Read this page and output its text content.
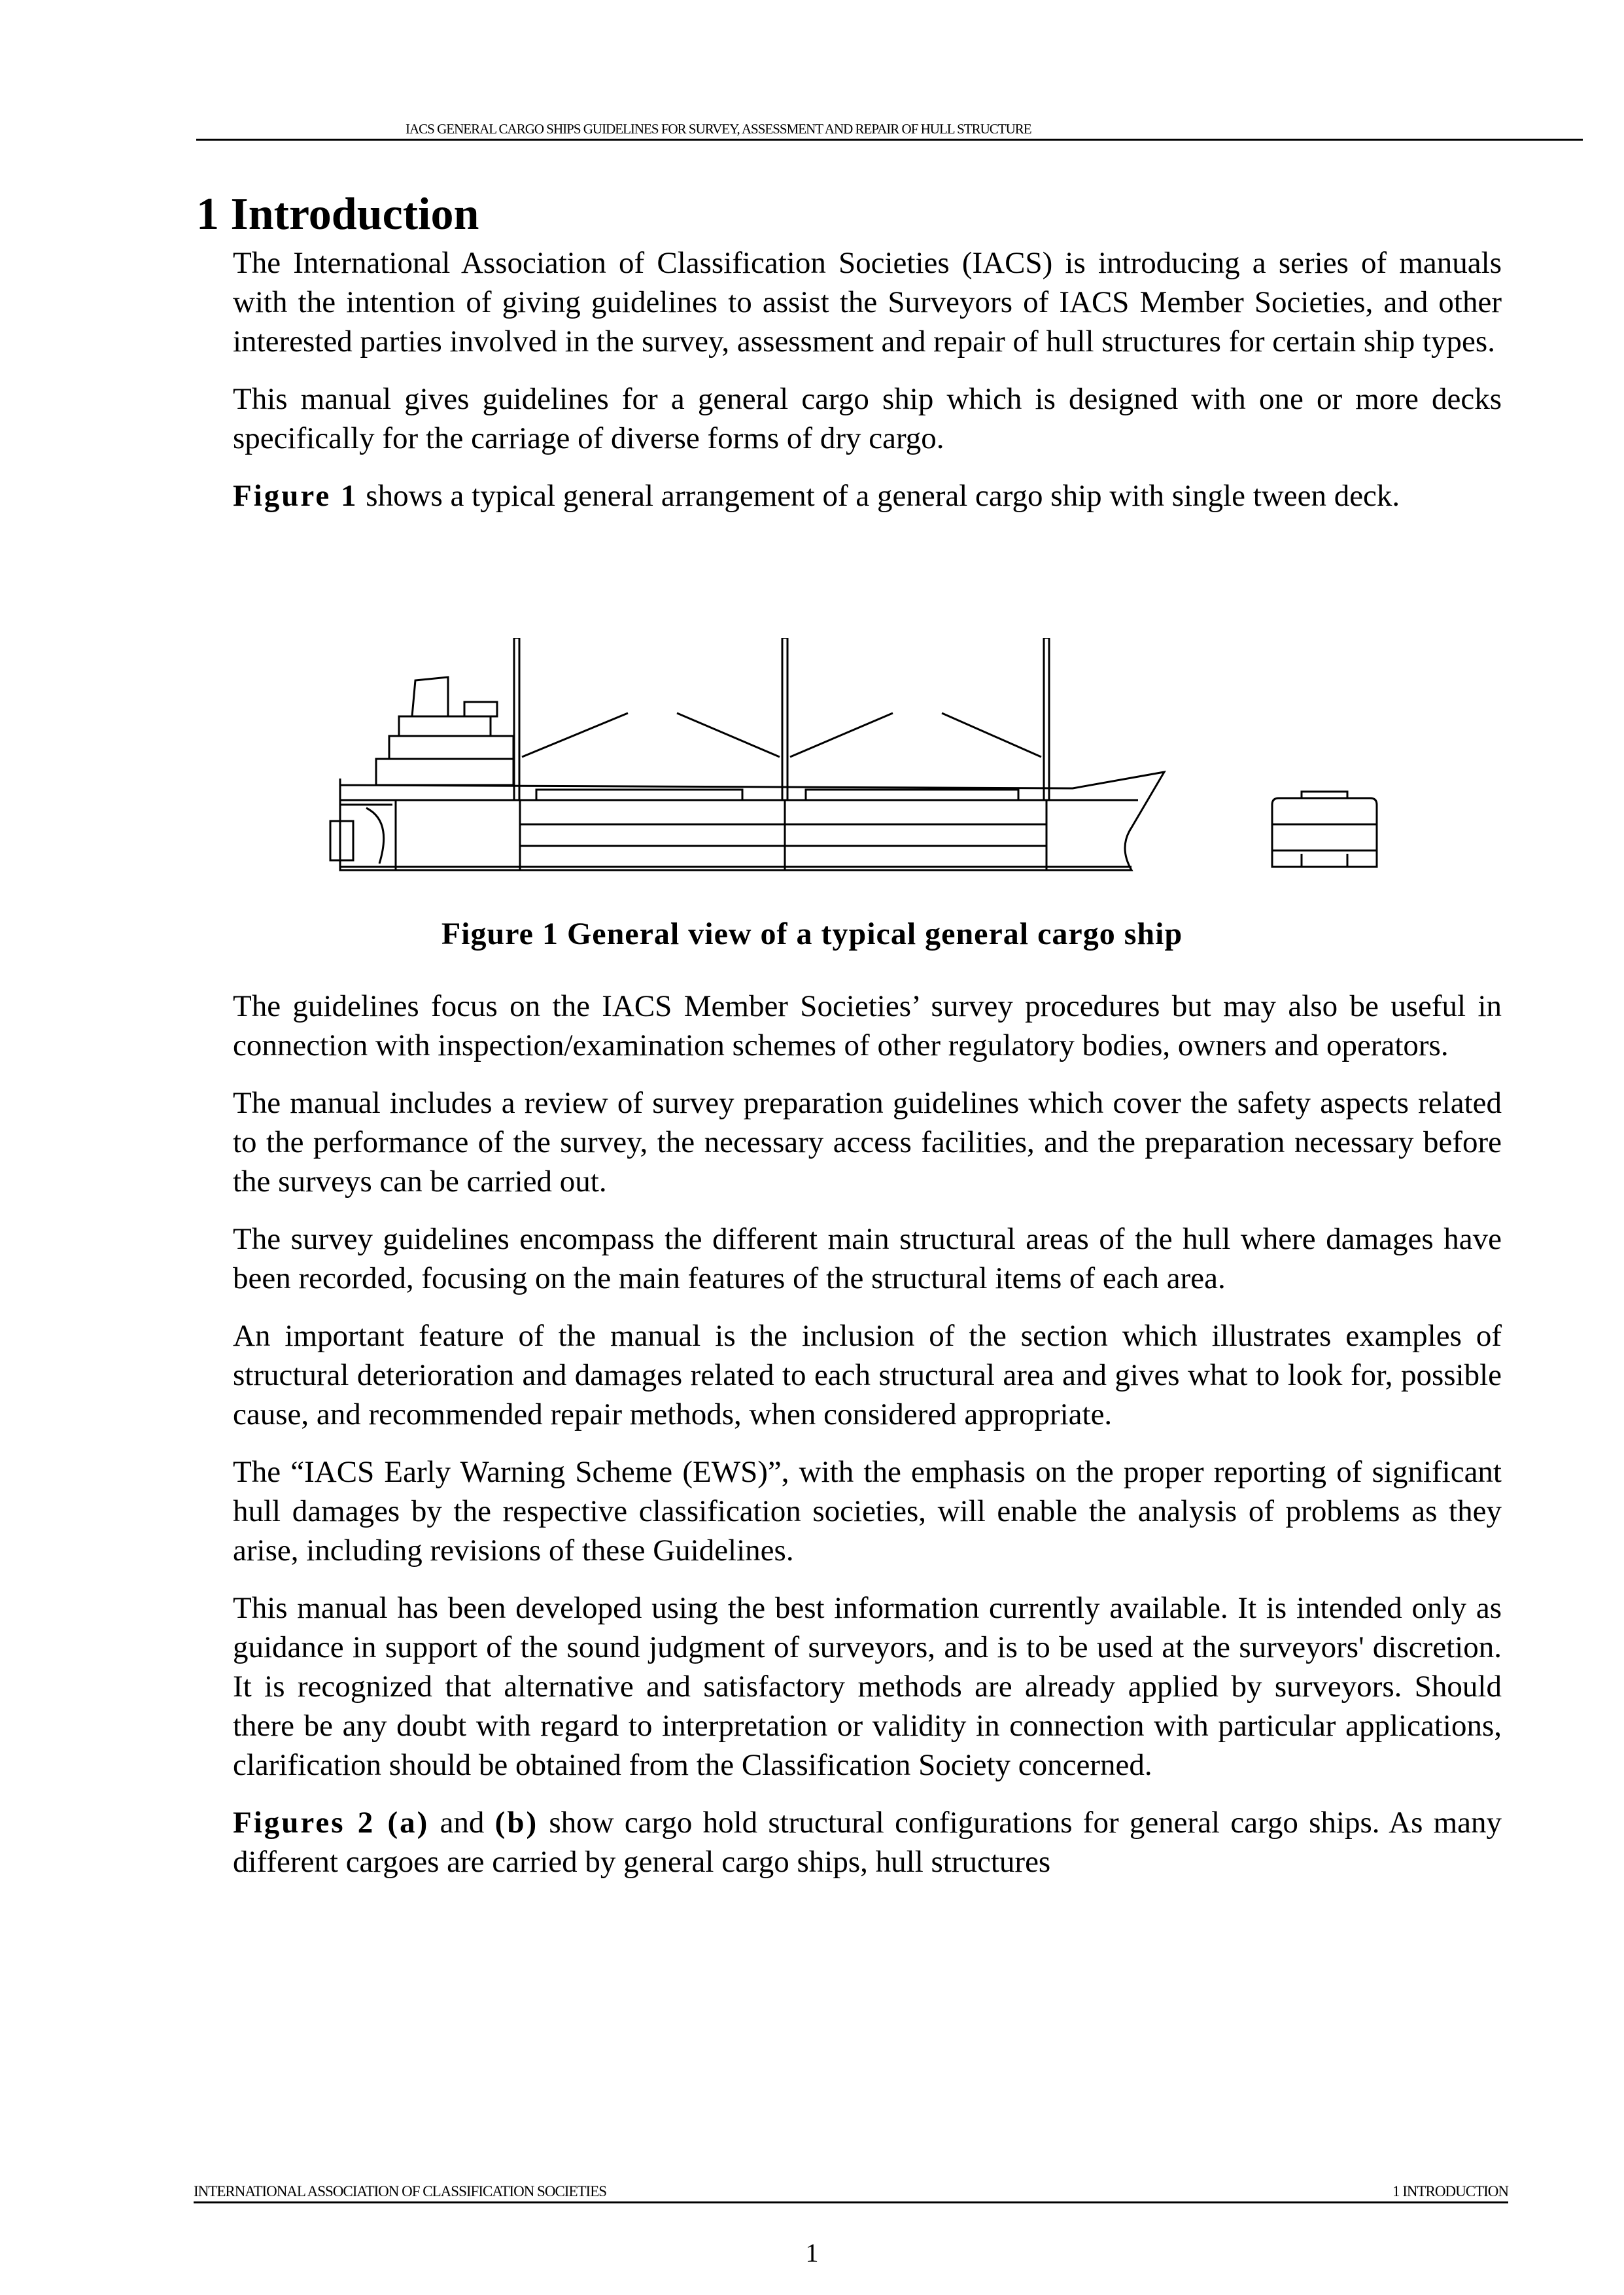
IACS GENERAL CARGO SHIPS GUIDELINES FOR SURVEY, ASSESSMENT AND REPAIR OF HULL STRUCTURE
1 Introduction

The International Association of Classification Societies (IACS) is introducing a series of manuals with the intention of giving guidelines to assist the Surveyors of IACS Member Societies, and other interested parties involved in the survey, assessment and repair of hull structures for certain ship types.

This manual gives guidelines for a general cargo ship which is designed with one or more decks specifically for the carriage of diverse forms of dry cargo.

Figure 1 shows a typical general arrangement of a general cargo ship with single tween deck.

Figure 1 General view of a typical general cargo ship

The guidelines focus on the IACS Member Societies’ survey procedures but may also be useful in connection with inspection/examination schemes of other regulatory bodies, owners and operators.

The manual includes a review of survey preparation guidelines which cover the safety aspects related to the performance of the survey, the necessary access facilities, and the preparation necessary before the surveys can be carried out.

The survey guidelines encompass the different main structural areas of the hull where damages have been recorded, focusing on the main features of the structural items of each area.

An important feature of the manual is the inclusion of the section which illustrates examples of structural deterioration and damages related to each structural area and gives what to look for, possible cause, and recommended repair methods, when considered appropriate.

The “IACS Early Warning Scheme (EWS)”, with the emphasis on the proper reporting of significant hull damages by the respective classification societies, will enable the analysis of problems as they arise, including revisions of these Guidelines.

This manual has been developed using the best information currently available. It is intended only as guidance in support of the sound judgment of surveyors, and is to be used at the surveyors' discretion. It is recognized that alternative and satisfactory methods are already applied by surveyors. Should there be any doubt with regard to interpretation or validity in connection with particular applications, clarification should be obtained from the Classification Society concerned.

Figures 2 (a) and (b) show cargo hold structural configurations for general cargo ships. As many different cargoes are carried by general cargo ships, hull structures

INTERNATIONAL ASSOCIATION OF CLASSIFICATION SOCIETIES	1 INTRODUCTION
1
